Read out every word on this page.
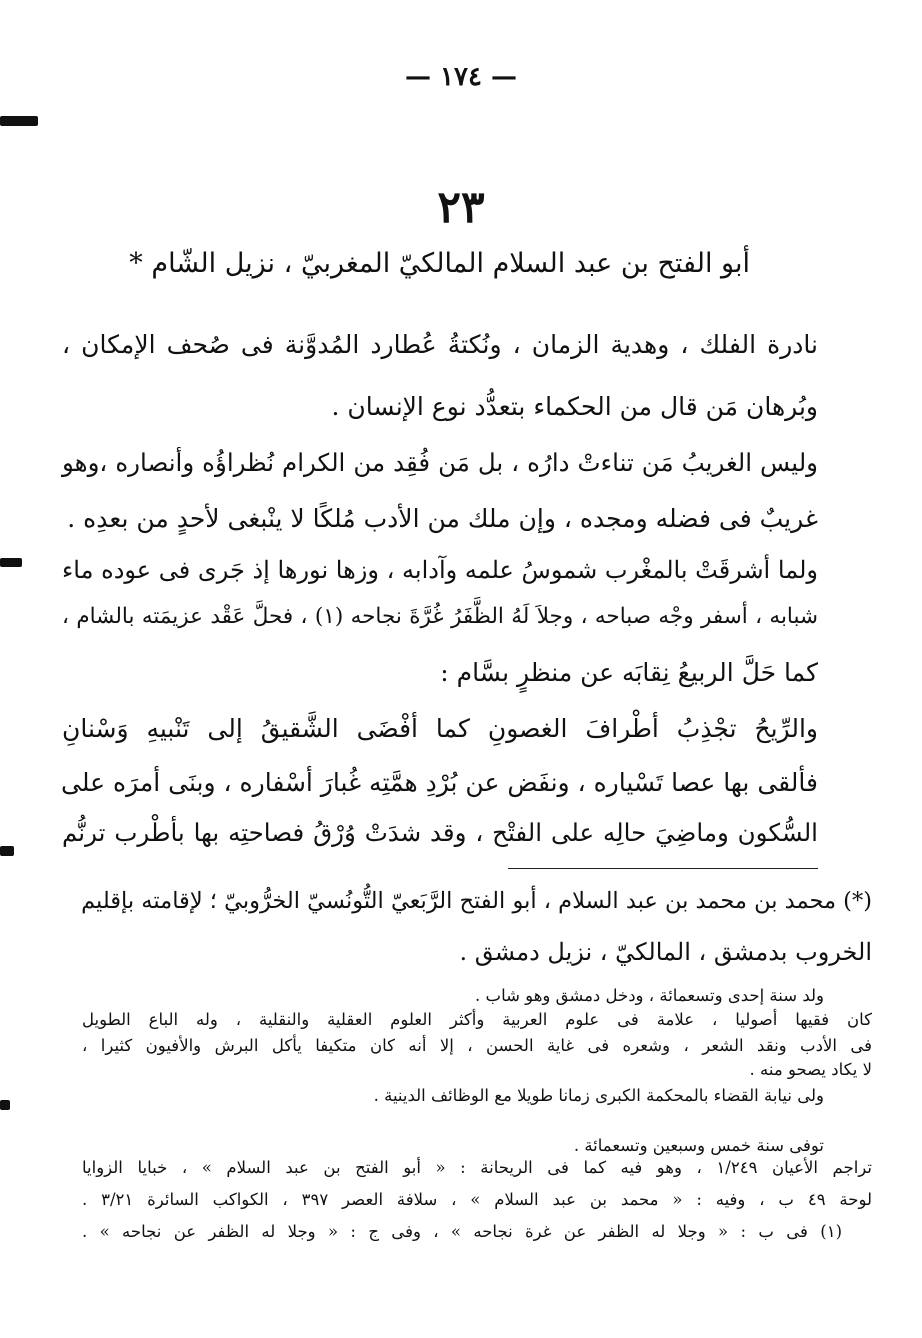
— ١٧٤ —
٢٣
أبو الفتح بن عبد السلام المالكيّ المغربيّ ، نزيل الشّام *
نادرة الفلك ، وهدية الزمان ، ونُكتةُ عُطارد المُدوَّنة فى صُحف الإمكان ،
وبُرهان مَن قال من الحكماء بتعدُّد نوع الإنسان .
وليس الغريبُ مَن تناءتْ دارُه ، بل مَن فُقِد من الكرام نُظراؤُه وأنصاره ،وهو
غريبٌ فى فضله ومجده ، وإن ملك من الأدب مُلكًا لا ينْبغى لأحدٍ من بعدِه .
ولما أشرقَتْ بالمغْرب شموسُ علمه وآدابه ، وزها نورها إذ جَرى فى عوده ماء
شبابه ، أسفر وجْه صباحه ، وجلاَ لَهُ الظَّفَرُ غُرَّةَ نجاحه (١) ، فحلَّ عَقْد عزيمَته بالشام ،
كما حَلَّ الربيعُ نِقابَه عن منظرٍ بسَّام :
والرِّيحُ تجْذِبُ أطْرافَ الغصونِ كما أفْضَى الشَّقيقُ إلى تَنْبيهِ وَسْنانِ
فألقى بها عصا تَسْياره ، ونفَض عن بُرْدِ همَّتِه غُبارَ أسْفاره ، وبنَى أمرَه على
السُّكون وماضِيَ حالِه على الفتْح ، وقد شدَتْ وُرْقُ فصاحتِه بها بأطْرب ترنُّم
(*) محمد بن محمد بن عبد السلام ، أبو الفتح الرَّبَعيّ التُّونُسيّ الخرُّوبيّ ؛ لإقامته بإقليم
الخروب بدمشق ، المالكيّ ، نزيل دمشق .
ولد سنة إحدى وتسعمائة ، ودخل دمشق وهو شاب .
كان فقيها أصوليا ، علامة فى علوم العربية وأكثر العلوم العقلية والنقلية ، وله الباع الطويل
فى الأدب ونقد الشعر ، وشعره فى غاية الحسن ، إلا أنه كان متكيفا يأكل البرش والأفيون كثيرا ،
لا يكاد يصحو منه .
ولى نيابة القضاء بالمحكمة الكبرى زمانا طويلا مع الوظائف الدينية .
توفى سنة خمس وسبعين وتسعمائة .
تراجم الأعيان ١/٢٤٩ ، وهو فيه كما فى الريحانة : « أبو الفتح بن عبد السلام » ، خبايا الزوايا
لوحة ٤٩ ب ، وفيه : « محمد بن عبد السلام » ، سلافة العصر ٣٩٧ ، الكواكب السائرة ٣/٢١ .
(١) فى ب : « وجلا له الظفر عن غرة نجاحه » ، وفى ج : « وجلا له الظفر عن نجاحه » .
